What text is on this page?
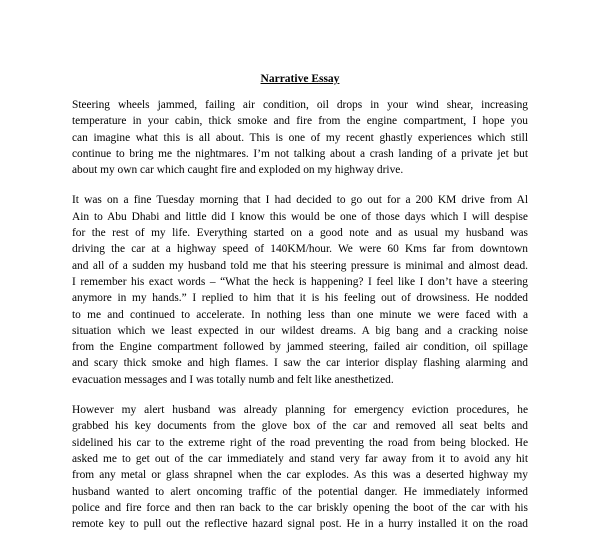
Narrative Essay

Steering wheels jammed, failing air condition, oil drops in your wind shear, increasing
temperature in your cabin, thick smoke and fire from the engine compartment, I hope you
can imagine what this is all about. This is one of my recent ghastly experiences which still
continue to bring me the nightmares. I’m not talking about a crash landing of a private jet but
about my own car which caught fire and exploded on my highway drive.

It was on a fine Tuesday morning that I had decided to go out for a 200 KM drive from Al
Ain to Abu Dhabi and little did I know this would be one of those days which I will despise
for the rest of my life. Everything started on a good note and as usual my husband was
driving the car at a highway speed of 140KM/hour. We were 60 Kms far from downtown
and all of a sudden my husband told me that his steering pressure is minimal and almost dead.
I remember his exact words – “What the heck is happening? I feel like I don’t have a steering
anymore in my hands.” I replied to him that it is his feeling out of drowsiness. He nodded
to me and continued to accelerate. In nothing less than one minute we were faced with a
situation which we least expected in our wildest dreams. A big bang and a cracking noise
from the Engine compartment followed by jammed steering, failed air condition, oil spillage
and scary thick smoke and high flames. I saw the car interior display flashing alarming and
evacuation messages and I was totally numb and felt like anesthetized.

However my alert husband was already planning for emergency eviction procedures, he
grabbed his key documents from the glove box of the car and removed all seat belts and
sidelined his car to the extreme right of the road preventing the road from being blocked. He
asked me to get out of the car immediately and stand very far away from it to avoid any hit
from any metal or glass shrapnel when the car explodes. As this was a deserted highway my
husband wanted to alert oncoming traffic of the potential danger. He immediately informed
police and fire force and then ran back to the car briskly opening the boot of the car with his
remote key to pull out the reflective hazard signal post. He in a hurry installed it on the road
